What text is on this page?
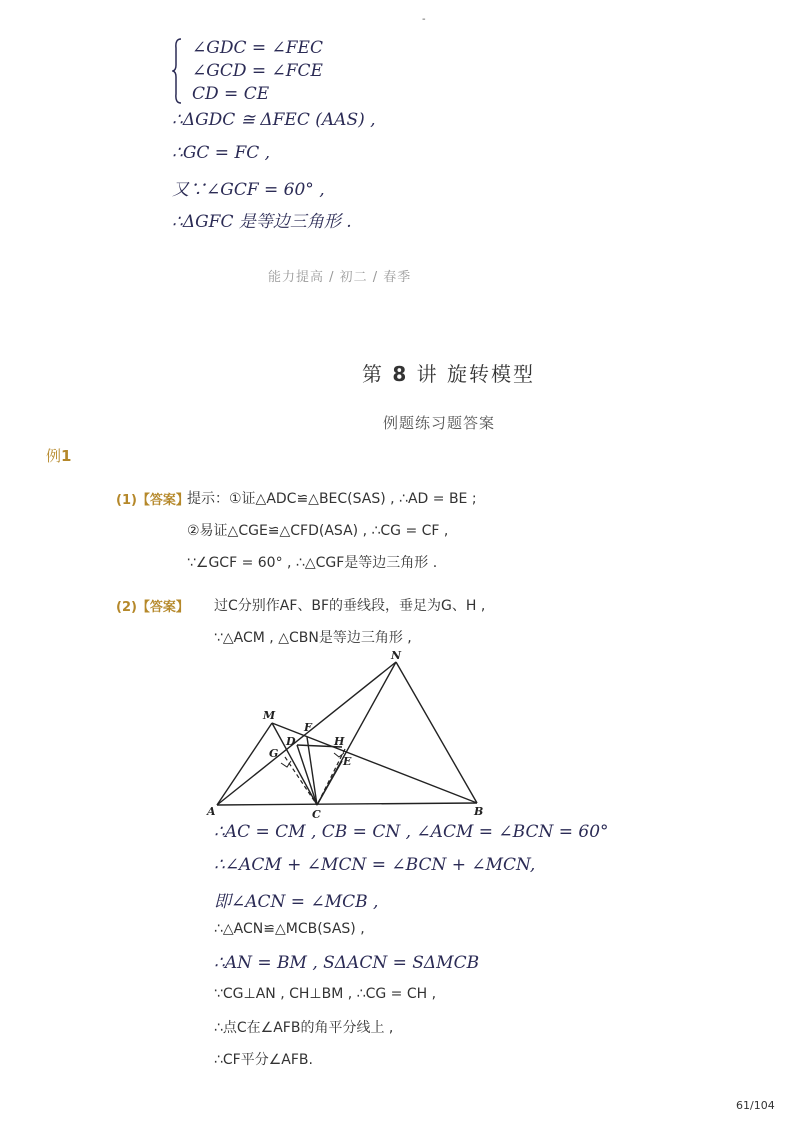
-
∠GDC = ∠FEC
∠GCD = ∠FCE
CD = CE
∴ΔGDC ≅ ΔFEC (AAS) ,
∴GC = FC ,
又∵∠GCF = 60° ,
∴ΔGFC 是等边三角形 .
能力提高 / 初二 / 春季
第 8 讲 旋转模型
例题练习题答案
例1
(1)【答案】
提示：①证△ADC≌△BEC(SAS) , ∴AD = BE ;
②易证△CGE≌△CFD(ASA) , ∴CG = CF ,
∵∠GCF = 60° , ∴△CGF是等边三角形 .
(2)【答案】 过C分别作AF、BF的垂线段，垂足为G、H ,
∵△ACM , △CBN是等边三角形 ,
A	B
C
M
N
F
D
G
H
E
∴AC = CM , CB = CN , ∠ACM = ∠BCN = 60°
∴∠ACM + ∠MCN = ∠BCN + ∠MCN,
即∠ACN = ∠MCB ,
∴△ACN≌△MCB(SAS) ,
∴AN = BM , SΔACN = SΔMCB
∵CG⊥AN , CH⊥BM , ∴CG = CH ,
∴点C在∠AFB的角平分线上 ,
∴CF平分∠AFB.
61/104
